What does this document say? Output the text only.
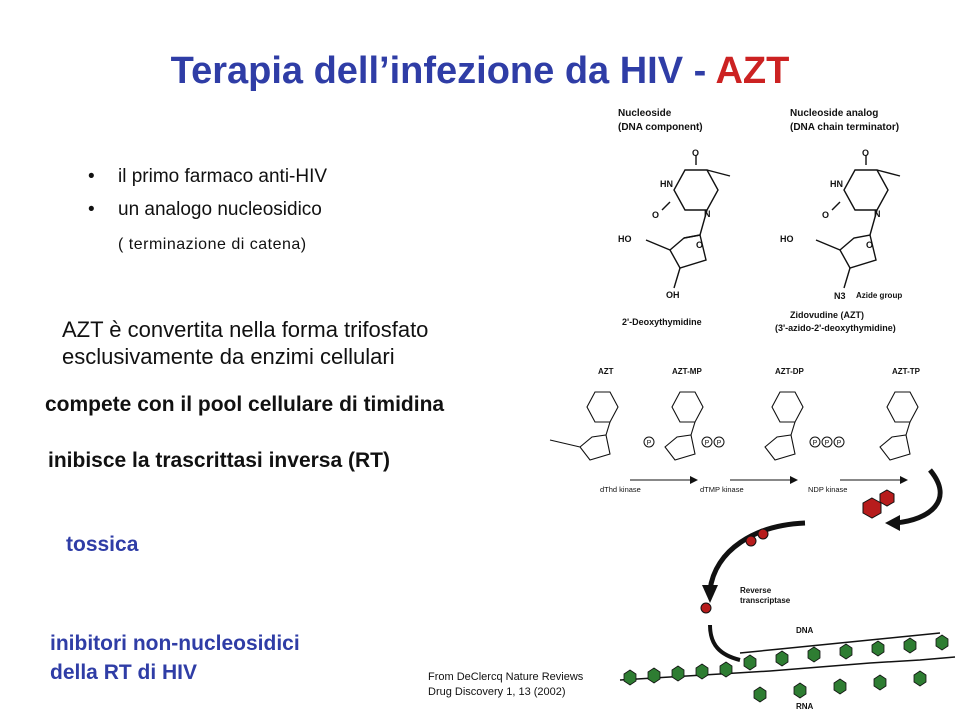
Terapia dell’infezione da HIV - AZT
• il primo farmaco anti-HIV
• un analogo nucleosidico
( terminazione di catena)
AZT è convertita nella forma trifosfato
esclusivamente da enzimi cellulari
compete con il pool cellulare di timidina
inibisce la trascrittasi inversa (RT)
tossica
inibitori non-nucleosidici
della RT di HIV	From DeClercq Nature Reviews
Drug Discovery 1, 13 (2002)
Nucleoside
(DNA component)
Nucleoside analog
(DNA chain terminator)
O
HN
N
O
O
HO
OH
2'-Deoxythymidine
O
HN
N
O
O
HO
N3 Azide group
Zidovudine (AZT)
(3'-azido-2'-deoxythymidine)
AZT	AZT-MP	AZT-DP	AZT-TP
P	P P	P P P
dThd kinase	dTMP kinase	NDP kinase
Reverse
transcriptase
DNA
RNA
